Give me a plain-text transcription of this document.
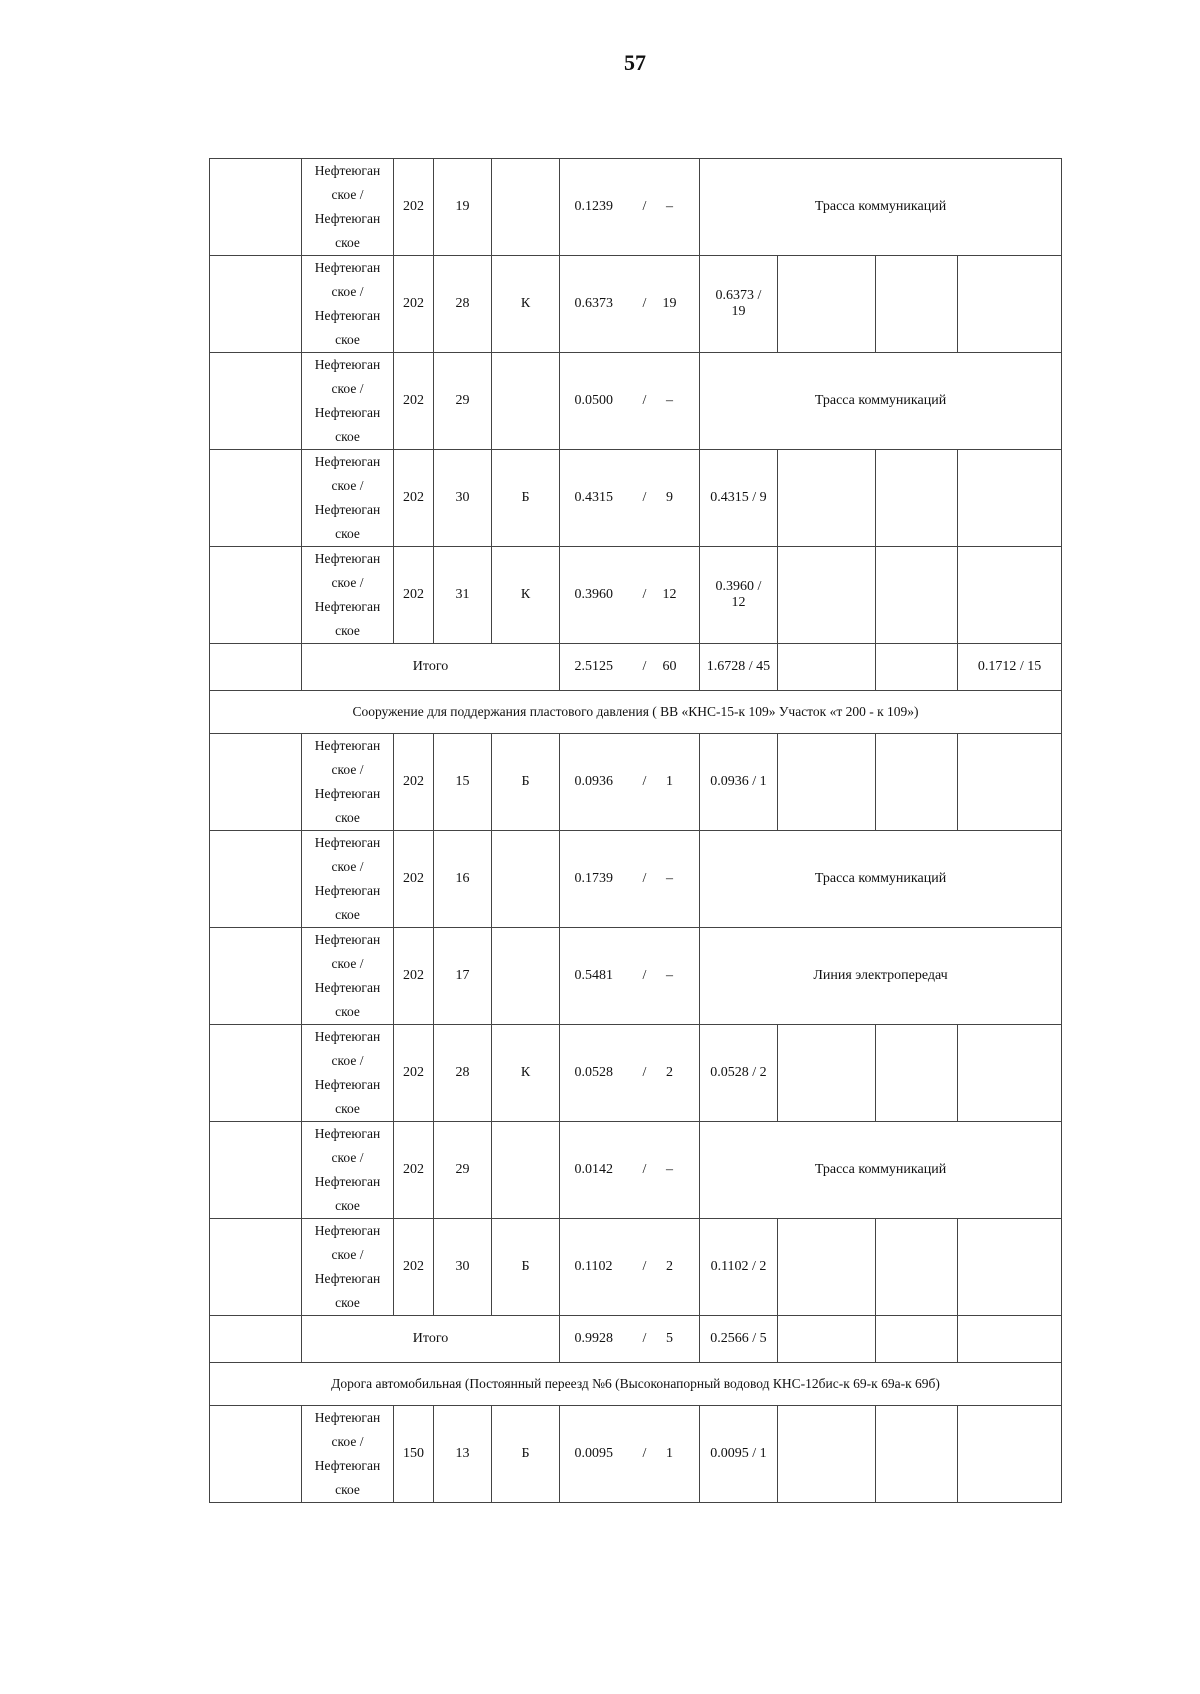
57

	Нефтеюган
ское /
Нефтеюган
ское	202	19		0.1239 / –	Трасса коммуникаций			

	Нефтеюган
ское /
Нефтеюган
ское	202	28	К	0.6373 / 19	0.6373 /
19			

	Нефтеюган
ское /
Нефтеюган
ское	202	29		0.0500 / –	Трасса коммуникаций			

	Нефтеюган
ское /
Нефтеюган
ское	202	30	Б	0.4315 / 9	0.4315 / 9			

	Нефтеюган
ское /
Нефтеюган
ское	202	31	К	0.3960 / 12	0.3960 /
12			
	Итого				2.5125 / 60	1.6728 / 45			0.1712 / 15
Сооружение для поддержания пластового давления ( ВВ «КНС-15-к 109» Участок «т 200 - к 109»)									

	Нефтеюган
ское /
Нефтеюган
ское	202	15	Б	0.0936 / 1	0.0936 / 1			

	Нефтеюган
ское /
Нефтеюган
ское	202	16		0.1739 / –	Трасса коммуникаций			

	Нефтеюган
ское /
Нефтеюган
ское	202	17		0.5481 / –	Линия электропередач			

	Нефтеюган
ское /
Нефтеюган
ское	202	28	К	0.0528 / 2	0.0528 / 2			

	Нефтеюган
ское /
Нефтеюган
ское	202	29		0.0142 / –	Трасса коммуникаций			

	Нефтеюган
ское /
Нефтеюган
ское	202	30	Б	0.1102 / 2	0.1102 / 2			
	Итого				0.9928 / 5	0.2566 / 5			
Дорога автомобильная (Постоянный переезд №6 (Высоконапорный водовод КНС-12бис-к 69-к 69а-к 69б)									

	Нефтеюган
ское /
Нефтеюган
ское	150	13	Б	0.0095 / 1	0.0095 / 1			
